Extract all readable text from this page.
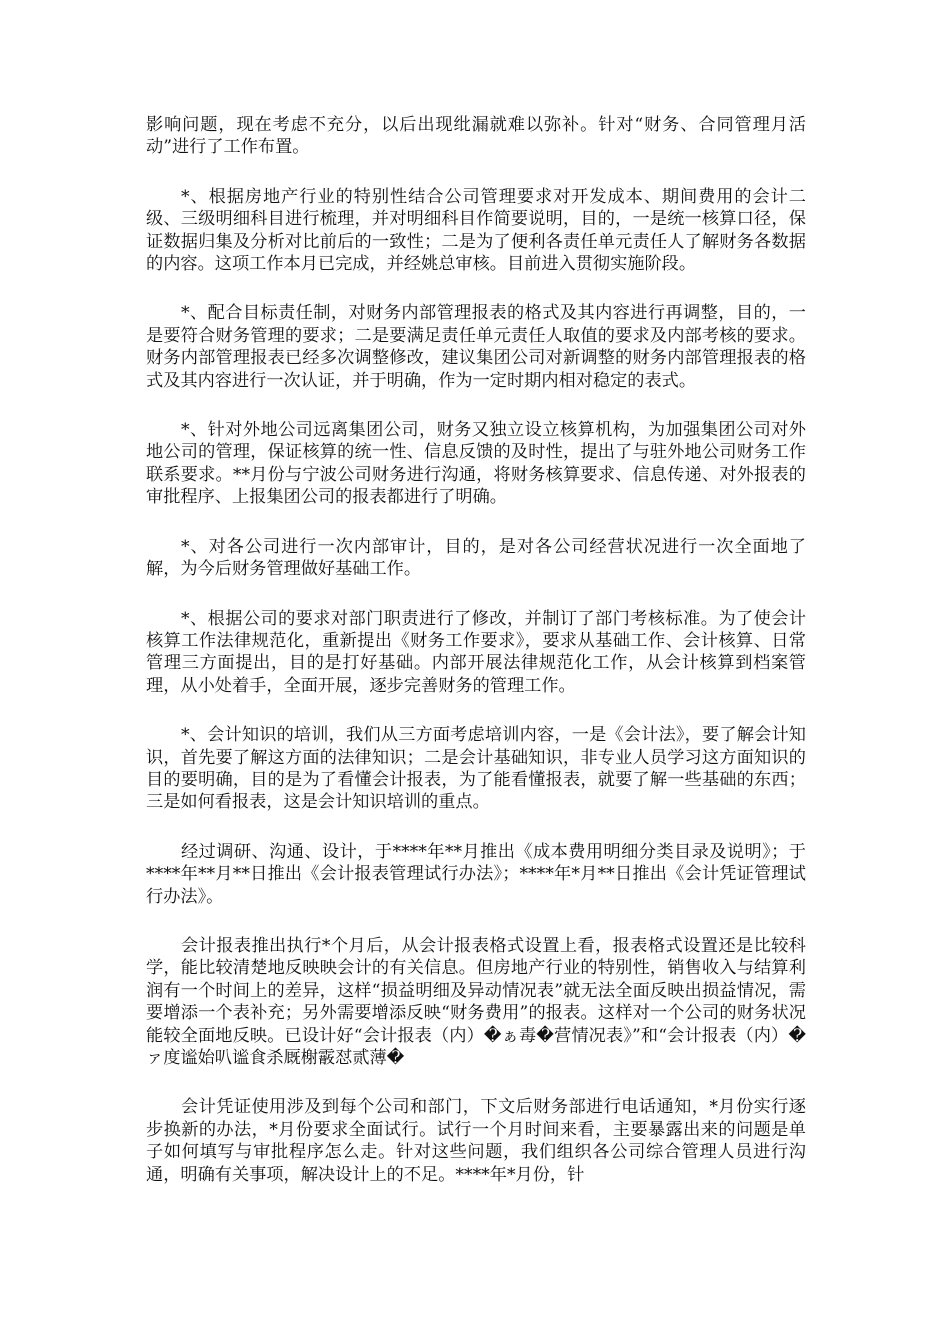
影响问题，现在考虑不充分，以后出现纰漏就难以弥补。针对“财务、合同管理月活动”进行了工作布置。

*、根据房地产行业的特别性结合公司管理要求对开发成本、期间费用的会计二级、三级明细科目进行梳理，并对明细科目作简要说明，目的，一是统一核算口径，保证数据归集及分析对比前后的一致性；二是为了便利各责任单元责任人了解财务各数据的内容。这项工作本月已完成，并经姚总审核。目前进入贯彻实施阶段。

*、配合目标责任制，对财务内部管理报表的格式及其内容进行再调整，目的，一是要符合财务管理的要求；二是要满足责任单元责任人取值的要求及内部考核的要求。财务内部管理报表已经多次调整修改，建议集团公司对新调整的财务内部管理报表的格式及其内容进行一次认证，并于明确，作为一定时期内相对稳定的表式。

*、针对外地公司远离集团公司，财务又独立设立核算机构，为加强集团公司对外地公司的管理，保证核算的统一性、信息反馈的及时性，提出了与驻外地公司财务工作联系要求。**月份与宁波公司财务进行沟通，将财务核算要求、信息传递、对外报表的审批程序、上报集团公司的报表都进行了明确。

*、对各公司进行一次内部审计，目的，是对各公司经营状况进行一次全面地了解，为今后财务管理做好基础工作。

*、根据公司的要求对部门职责进行了修改，并制订了部门考核标准。为了使会计核算工作法律规范化，重新提出《财务工作要求》，要求从基础工作、会计核算、日常管理三方面提出，目的是打好基础。内部开展法律规范化工作，从会计核算到档案管理，从小处着手，全面开展，逐步完善财务的管理工作。

*、会计知识的培训，我们从三方面考虑培训内容，一是《会计法》，要了解会计知识，首先要了解这方面的法律知识；二是会计基础知识，非专业人员学习这方面知识的目的要明确，目的是为了看懂会计报表，为了能看懂报表，就要了解一些基础的东西；三是如何看报表，这是会计知识培训的重点。

经过调研、沟通、设计，于****年**月推出《成本费用明细分类目录及说明》；于****年**月**日推出《会计报表管理试行办法》；****年*月**日推出《会计凭证管理试行办法》。

会计报表推出执行*个月后，从会计报表格式设置上看，报表格式设置还是比较科学，能比较清楚地反映映会计的有关信息。但房地产行业的特别性，销售收入与结算利润有一个时间上的差异，这样“损益明细及异动情况表”就无法全面反映出损益情况，需要增添一个表补充；另外需要增添反映“财务费用”的报表。这样对一个公司的财务状况能较全面地反映。已设计好“会计报表（内）�ぁ毒�营情况表》”和“会计报表（内）�ァ度谧始叭谧食杀厩榭霰怼贰薄�

会计凭证使用涉及到每个公司和部门，下文后财务部进行电话通知，*月份实行逐步换新的办法，*月份要求全面试行。试行一个月时间来看，主要暴露出来的问题是单子如何填写与审批程序怎么走。针对这些问题，我们组织各公司综合管理人员进行沟通，明确有关事项，解决设计上的不足。****年*月份，针
